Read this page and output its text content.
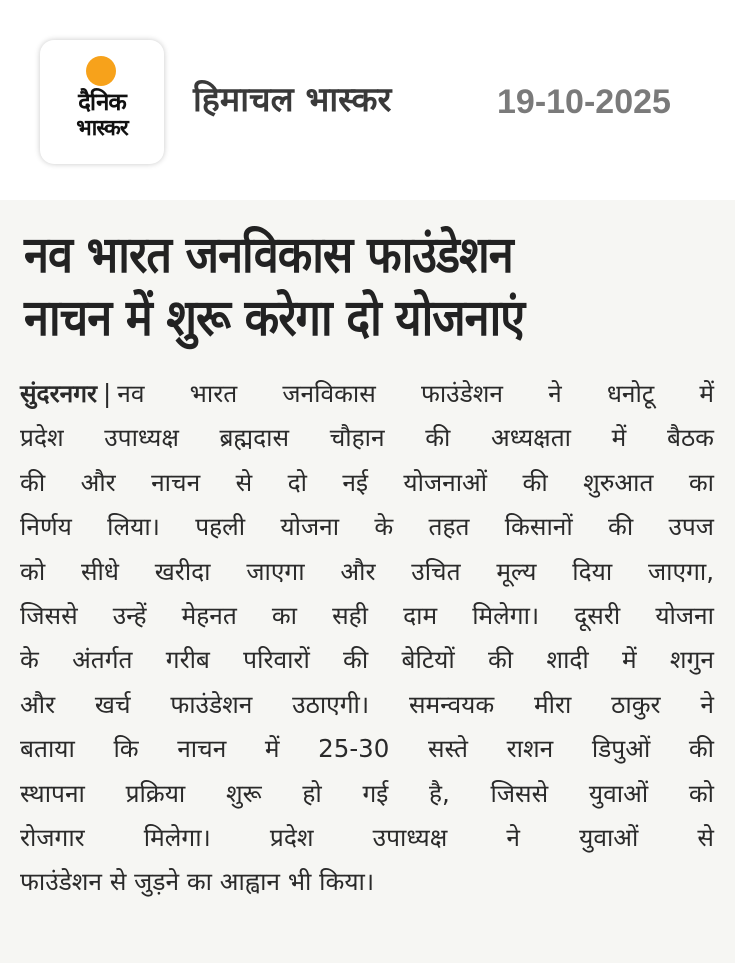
दैनिक
भास्कर
हिमाचल भास्कर	19-10-2025
नव भारत जनविकास फाउंडेशन
नाचन में शुरू करेगा दो योजनाएं
सुंदरनगर | नव भारत जनविकास फाउंडेशन ने धनोटू में
प्रदेश उपाध्यक्ष ब्रह्मदास चौहान की अध्यक्षता में बैठक
की और नाचन से दो नई योजनाओं की शुरुआत का
निर्णय लिया। पहली योजना के तहत किसानों की उपज
को सीधे खरीदा जाएगा और उचित मूल्य दिया जाएगा,
जिससे उन्हें मेहनत का सही दाम मिलेगा। दूसरी योजना
के अंतर्गत गरीब परिवारों की बेटियों की शादी में शगुन
और खर्च फाउंडेशन उठाएगी। समन्वयक मीरा ठाकुर ने
बताया कि नाचन में 25-30 सस्ते राशन डिपुओं की
स्थापना प्रक्रिया शुरू हो गई है, जिससे युवाओं को
रोजगार मिलेगा। प्रदेश उपाध्यक्ष ने युवाओं से
फाउंडेशन से जुड़ने का आह्वान भी किया।
